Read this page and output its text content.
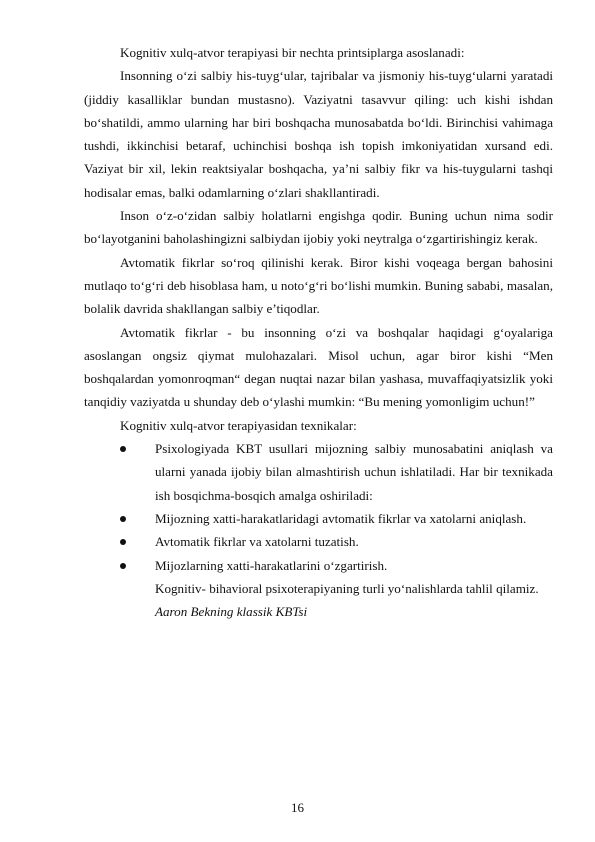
Kognitiv xulq-atvor terapiyasi bir nechta printsiplarga asoslanadi:

Insonning o‘zi salbiy his-tuyg‘ular, tajribalar va jismoniy his-tuyg‘ularni yaratadi (jiddiy kasalliklar bundan mustasno). Vaziyatni tasavvur qiling: uch kishi ishdan bo‘shatildi, ammo ularning har biri boshqacha munosabatda bo‘ldi. Birinchisi vahimaga tushdi, ikkinchisi betaraf, uchinchisi boshqa ish topish imkoniyatidan xursand edi. Vaziyat bir xil, lekin reaktsiyalar boshqacha, ya’ni salbiy fikr va his-tuygularni tashqi hodisalar emas, balki odamlarning o‘zlari shakllantiradi.

Inson o‘z-o‘zidan salbiy holatlarni engishga qodir. Buning uchun nima sodir bo‘layotganini baholashingizni salbiydan ijobiy yoki neytralga o‘zgartirishingiz kerak.

Avtomatik fikrlar so‘roq qilinishi kerak. Biror kishi voqeaga bergan bahosini mutlaqo to‘g‘ri deb hisoblasa ham, u noto‘g‘ri bo‘lishi mumkin. Buning sababi, masalan, bolalik davrida shakllangan salbiy e’tiqodlar.

Avtomatik fikrlar - bu insonning o‘zi va boshqalar haqidagi g‘oyalariga asoslangan ongsiz qiymat mulohazalari. Misol uchun, agar biror kishi “Men boshqalardan yomonroqman“ degan nuqtai nazar bilan yashasa, muvaffaqiyatsizlik yoki tanqidiy vaziyatda u shunday deb o‘ylashi mumkin: “Bu mening yomonligim uchun!”

Kognitiv xulq-atvor terapiyasidan texnikalar:

Psixologiyada KBT usullari mijozning salbiy munosabatini aniqlash va ularni yanada ijobiy bilan almashtirish uchun ishlatiladi. Har bir texnikada ish bosqichma-bosqich amalga oshiriladi:
Mijozning xatti-harakatlaridagi avtomatik fikrlar va xatolarni aniqlash.
Avtomatik fikrlar va xatolarni tuzatish.
Mijozlarning xatti-harakatlarini o‘zgartirish.

Kognitiv- bihavioral psixoterapiyaning turli yo‘nalishlarda tahlil qilamiz.

Aaron Bekning klassik KBTsi

16
